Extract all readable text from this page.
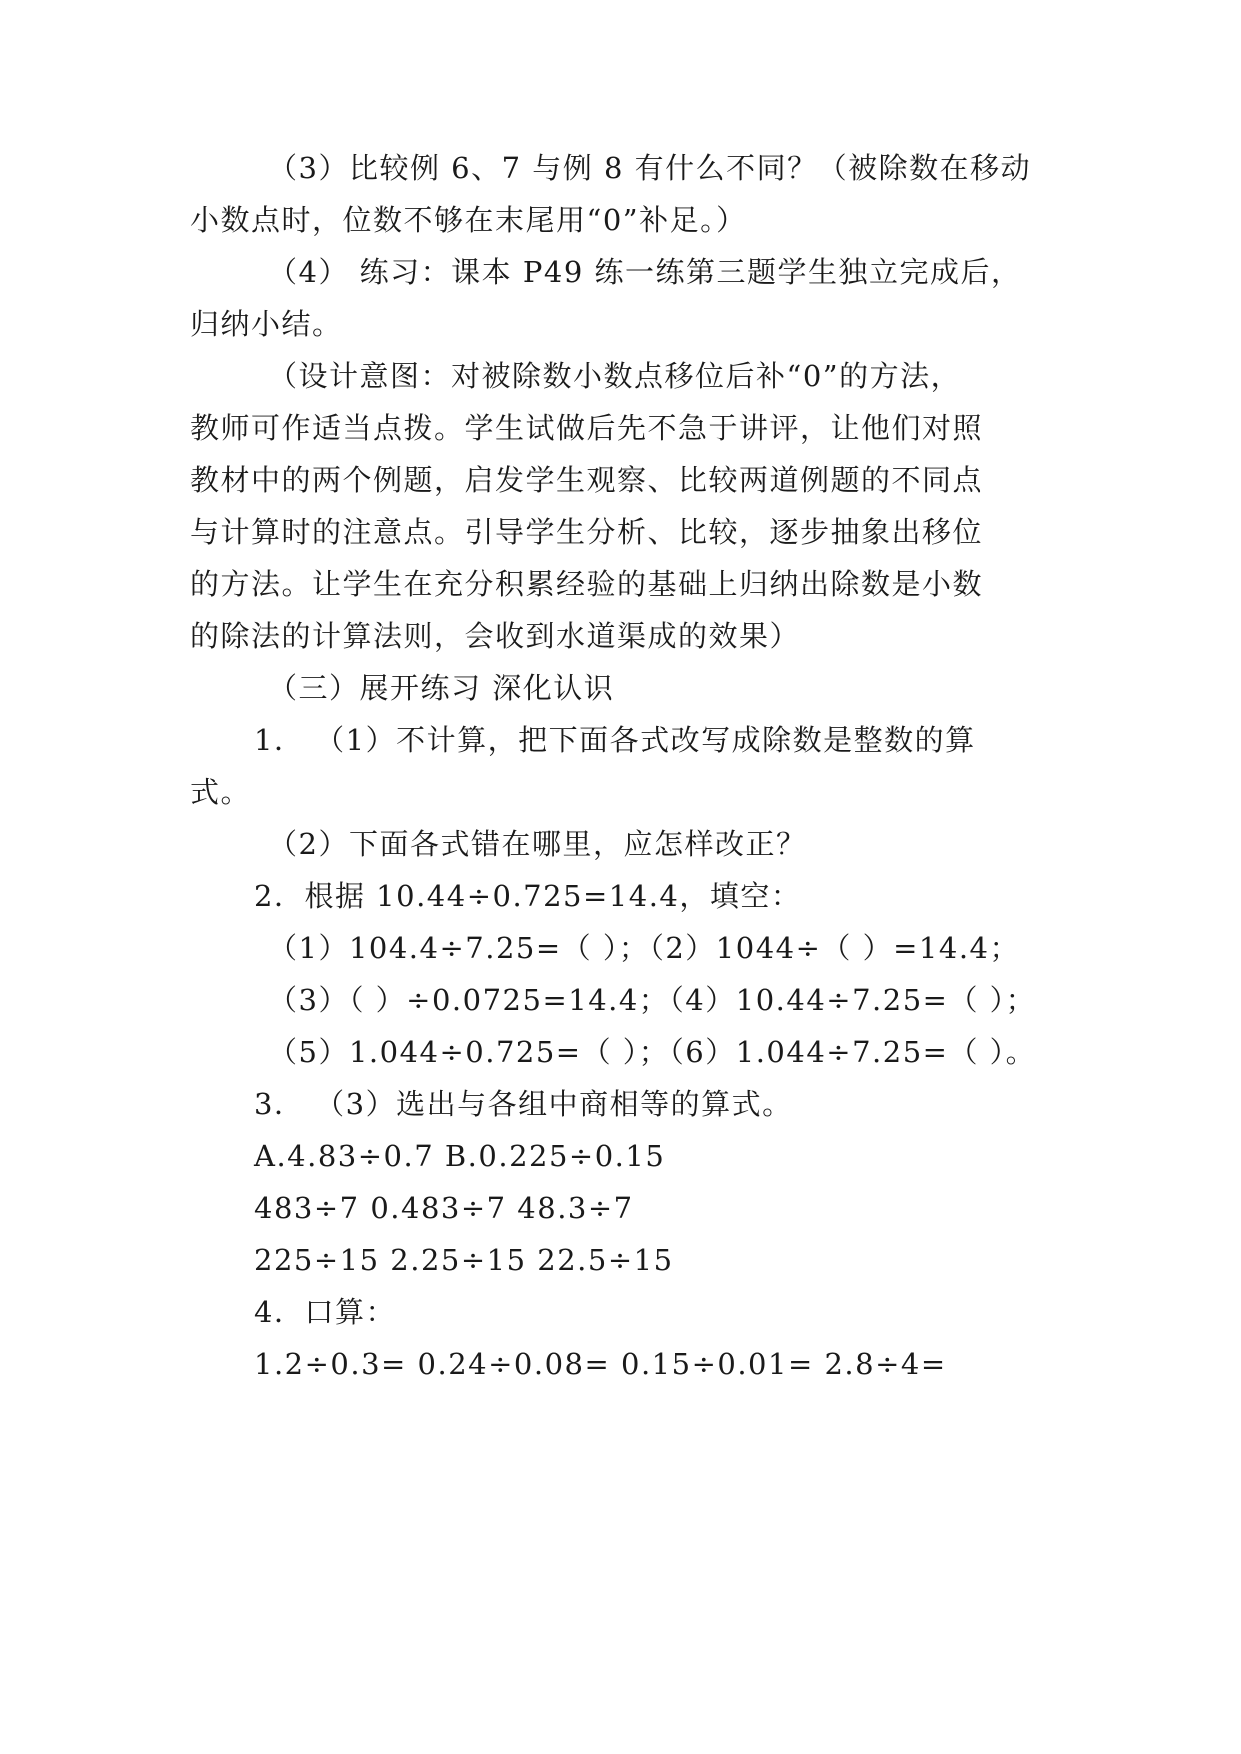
（3）比较例 6、7 与例 8 有什么不同？（被除数在移动
小数点时，位数不够在末尾用“0”补足。）
（4） 练习：课本 P49 练一练第三题学生独立完成后，
归纳小结。
（设计意图：对被除数小数点移位后补“0”的方法，
教师可作适当点拨。学生试做后先不急于讲评，让他们对照
教材中的两个例题，启发学生观察、比较两道例题的不同点
与计算时的注意点。引导学生分析、比较，逐步抽象出移位
的方法。让学生在充分积累经验的基础上归纳出除数是小数
的除法的计算法则，会收到水道渠成的效果）
（三）展开练习 深化认识
1． （1）不计算，把下面各式改写成除数是整数的算
式。
（2）下面各式错在哪里，应怎样改正？
2．根据 10.44÷0.725=14.4，填空：
（1）104.4÷7.25=（ ）；（2）1044÷（ ）=14.4；
（3）（ ）÷0.0725=14.4；（4）10.44÷7.25=（ ）；
（5）1.044÷0.725=（ ）；（6）1.044÷7.25=（ ）。
3． （3）选出与各组中商相等的算式。
A.4.83÷0.7 B.0.225÷0.15
483÷7 0.483÷7 48.3÷7
225÷15 2.25÷15 22.5÷15
4．口算：
1.2÷0.3= 0.24÷0.08= 0.15÷0.01= 2.8÷4=
